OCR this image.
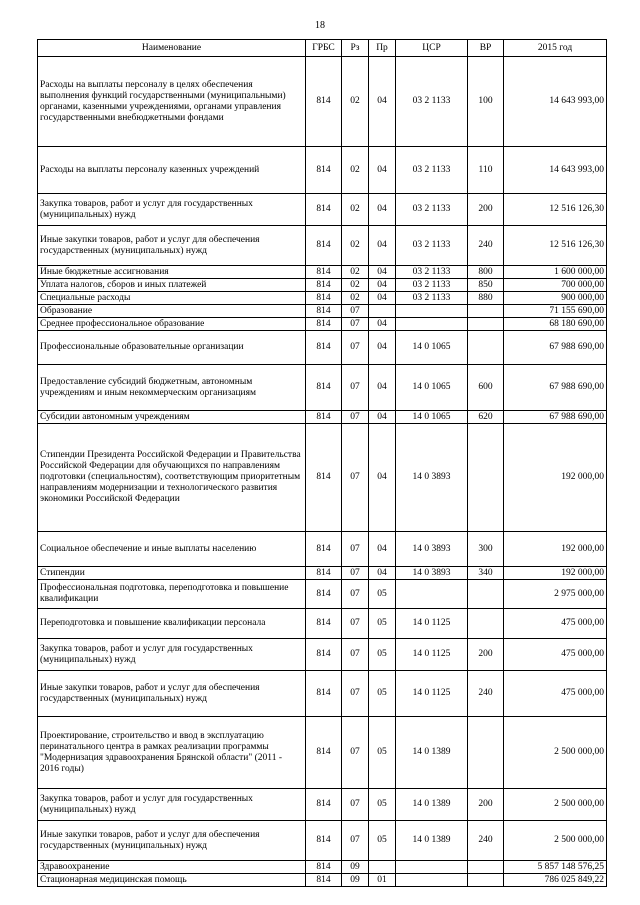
18
Наименование	ГРБС	Рз	Пр	ЦСР	ВР	2015 год
Расходы на выплаты персоналу в целях обеспечения выполнения функций государственными (муниципальными) органами, казенными учреждениями, органами управления государственными внебюджетными фондами	814	02	04	03 2 1133	100	14 643 993,00
Расходы на выплаты персоналу казенных учреждений	814	02	04	03 2 1133	110	14 643 993,00
Закупка товаров, работ и услуг для государственных (муниципальных) нужд	814	02	04	03 2 1133	200	12 516 126,30
Иные закупки товаров, работ и услуг для обеспечения государственных (муниципальных) нужд	814	02	04	03 2 1133	240	12 516 126,30
Иные бюджетные ассигнования	814	02	04	03 2 1133	800	1 600 000,00
Уплата налогов, сборов и иных платежей	814	02	04	03 2 1133	850	700 000,00
Специальные расходы	814	02	04	03 2 1133	880	900 000,00
Образование	814	07				71 155 690,00
Среднее профессиональное образование	814	07	04			68 180 690,00
Профессиональные образовательные организации	814	07	04	14 0 1065		67 988 690,00
Предоставление субсидий бюджетным, автономным учреждениям и иным некоммерческим организациям	814	07	04	14 0 1065	600	67 988 690,00
Субсидии автономным учреждениям	814	07	04	14 0 1065	620	67 988 690,00
Стипендии Президента Российской Федерации и Правительства Российской Федерации для обучающихся по направлениям подготовки (специальностям), соответствующим приоритетным направлениям модернизации и технологического развития экономики Российской Федерации	814	07	04	14 0 3893		192 000,00
Социальное обеспечение и иные выплаты населению	814	07	04	14 0 3893	300	192 000,00
Стипендии	814	07	04	14 0 3893	340	192 000,00
Профессиональная подготовка, переподготовка и повышение квалификации	814	07	05			2 975 000,00
Переподготовка и повышение квалификации персонала	814	07	05	14 0 1125		475 000,00
Закупка товаров, работ и услуг для государственных (муниципальных) нужд	814	07	05	14 0 1125	200	475 000,00
Иные закупки товаров, работ и услуг для обеспечения государственных (муниципальных) нужд	814	07	05	14 0 1125	240	475 000,00
Проектирование, строительство и ввод в эксплуатацию перинатального центра в рамках реализации программы "Модернизация здравоохранения Брянской области" (2011 - 2016 годы)	814	07	05	14 0 1389		2 500 000,00
Закупка товаров, работ и услуг для государственных (муниципальных) нужд	814	07	05	14 0 1389	200	2 500 000,00
Иные закупки товаров, работ и услуг для обеспечения государственных (муниципальных) нужд	814	07	05	14 0 1389	240	2 500 000,00
Здравоохранение	814	09				5 857 148 576,25
Стационарная медицинская помощь	814	09	01			786 025 849,22
